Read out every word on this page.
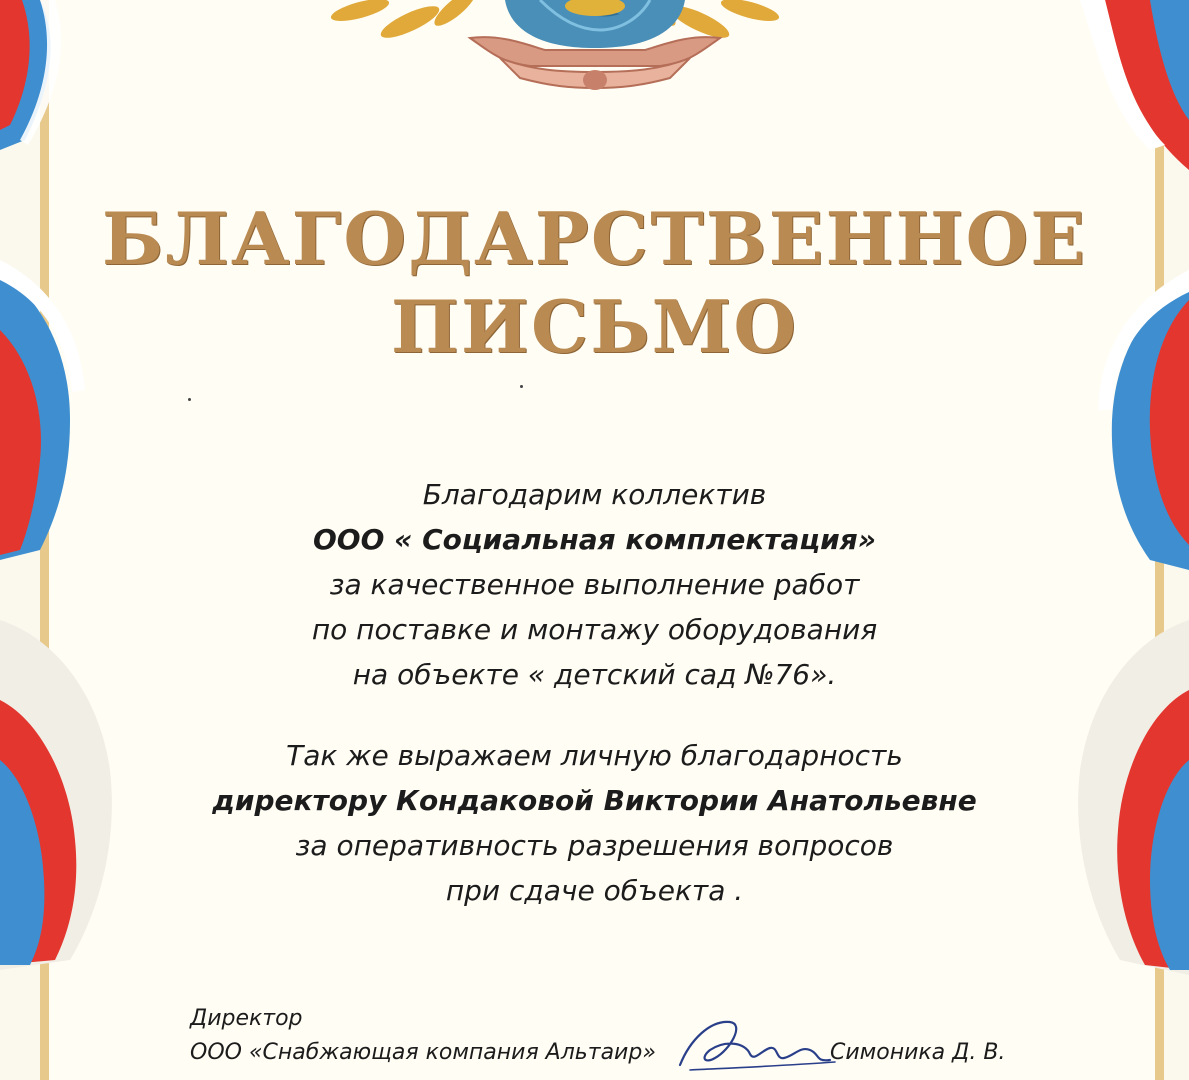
БЛАГОДАРСТВЕННОЕ
ПИСЬМО
Благодарим коллектив
ООО « Социальная комплектация»
за качественное выполнение работ
по поставке и монтажу оборудования
на объекте « детский сад №76».
Так же выражаем личную благодарность
директору Кондаковой Виктории Анатольевне
за оперативность разрешения вопросов
при сдаче объекта .
Директор
ООО «Снабжающая компания Альтаир»	Симоника Д. В.
